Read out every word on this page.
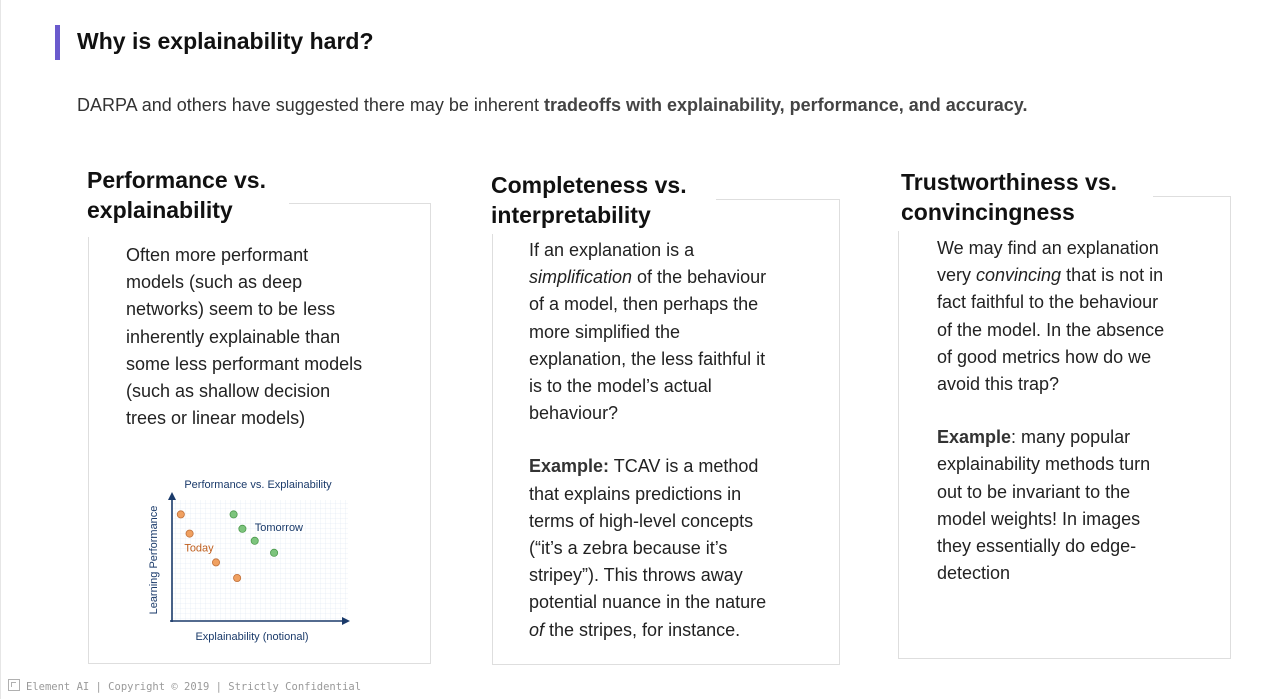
Why is explainability hard?
DARPA and others have suggested there may be inherent tradeoffs with explainability, performance, and accuracy.
Performance vs.
explainability

Often more performant

models (such as deep

networks) seem to be less

inherently explainable than

some less performant models

(such as shallow decision

trees or linear models)

Performance vs. Explainability
Explainability (notional)
Learning Performance Today
Tomorrow
Completeness vs.
interpretability

If an explanation is a

simplification of the behaviour

of a model, then perhaps the

more simplified the

explanation, the less faithful it

is to the model’s actual

behaviour?

Example: TCAV is a method

that explains predictions in

terms of high-level concepts

(“it’s a zebra because it’s

stripey”). This throws away

potential nuance in the nature

of the stripes, for instance.

Trustworthiness vs.
convincingness

We may find an explanation

very convincing that is not in

fact faithful to the behaviour

of the model. In the absence

of good metrics how do we

avoid this trap?

Example: many popular

explainability methods turn

out to be invariant to the

model weights! In images

they essentially do edge-

detection

Element AI | Copyright © 2019 | Strictly Confidential
